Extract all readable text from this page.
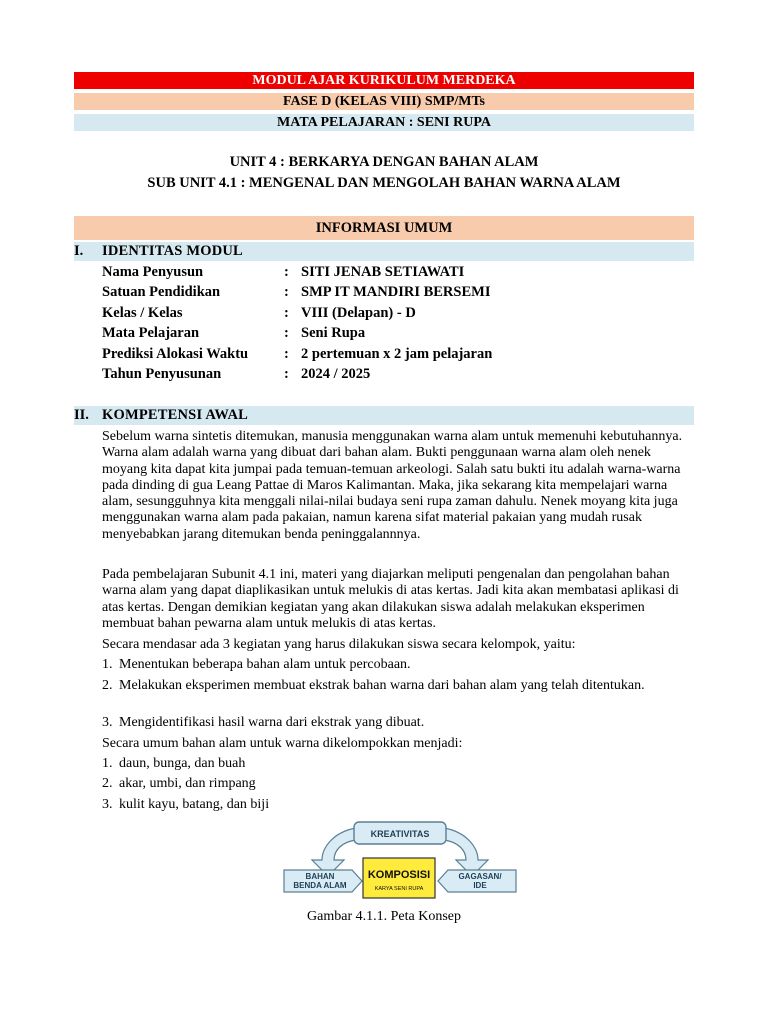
MODUL AJAR KURIKULUM MERDEKA
FASE D (KELAS VIII) SMP/MTs
MATA PELAJARAN : SENI RUPA
UNIT 4 : BERKARYA DENGAN BAHAN ALAM
SUB UNIT 4.1 : MENGENAL DAN MENGOLAH BAHAN WARNA ALAM
INFORMASI UMUM
I. IDENTITAS MODUL
Nama Penyusun	: SITI JENAB SETIAWATI
Satuan Pendidikan	: SMP IT MANDIRI BERSEMI
Kelas / Kelas	: VIII (Delapan) - D
Mata Pelajaran	: Seni Rupa
Prediksi Alokasi Waktu : 2 pertemuan x 2 jam pelajaran
Tahun Penyusunan	: 2024 / 2025
II. KOMPETENSI AWAL
Sebelum warna sintetis ditemukan, manusia menggunakan warna alam untuk memenuhi kebutuhannya. Warna alam adalah warna yang dibuat dari bahan alam. Bukti penggunaan warna alam oleh nenek moyang kita dapat kita jumpai pada temuan-temuan arkeologi. Salah satu bukti itu adalah warna-warna pada dinding di gua Leang Pattae di Maros Kalimantan. Maka, jika sekarang kita mempelajari warna alam, sesungguhnya kita menggali nilai-nilai budaya seni rupa zaman dahulu. Nenek moyang kita juga menggunakan warna alam pada pakaian, namun karena sifat material pakaian yang mudah rusak menyebabkan jarang ditemukan benda peninggalannnya.
Pada pembelajaran Subunit 4.1 ini, materi yang diajarkan meliputi pengenalan dan pengolahan bahan warna alam yang dapat diaplikasikan untuk melukis di atas kertas. Jadi kita akan membatasi aplikasi di atas kertas. Dengan demikian kegiatan yang akan dilakukan siswa adalah melakukan eksperimen membuat bahan pewarna alam untuk melukis di atas kertas.
Secara mendasar ada 3 kegiatan yang harus dilakukan siswa secara kelompok, yaitu:
1. Menentukan beberapa bahan alam untuk percobaan.
2. Melakukan eksperimen membuat ekstrak bahan warna dari bahan alam yang telah ditentukan.
3. Mengidentifikasi hasil warna dari ekstrak yang dibuat.
Secara umum bahan alam untuk warna dikelompokkan menjadi:
1. daun, bunga, dan buah
2. akar, umbi, dan rimpang
3. kulit kayu, batang, dan biji
KREATIVITAS
BAHAN
BENDA ALAM
GAGASAN/
IDE
KOMPOSISI
KARYA SENI RUPA
Gambar 4.1.1. Peta Konsep
